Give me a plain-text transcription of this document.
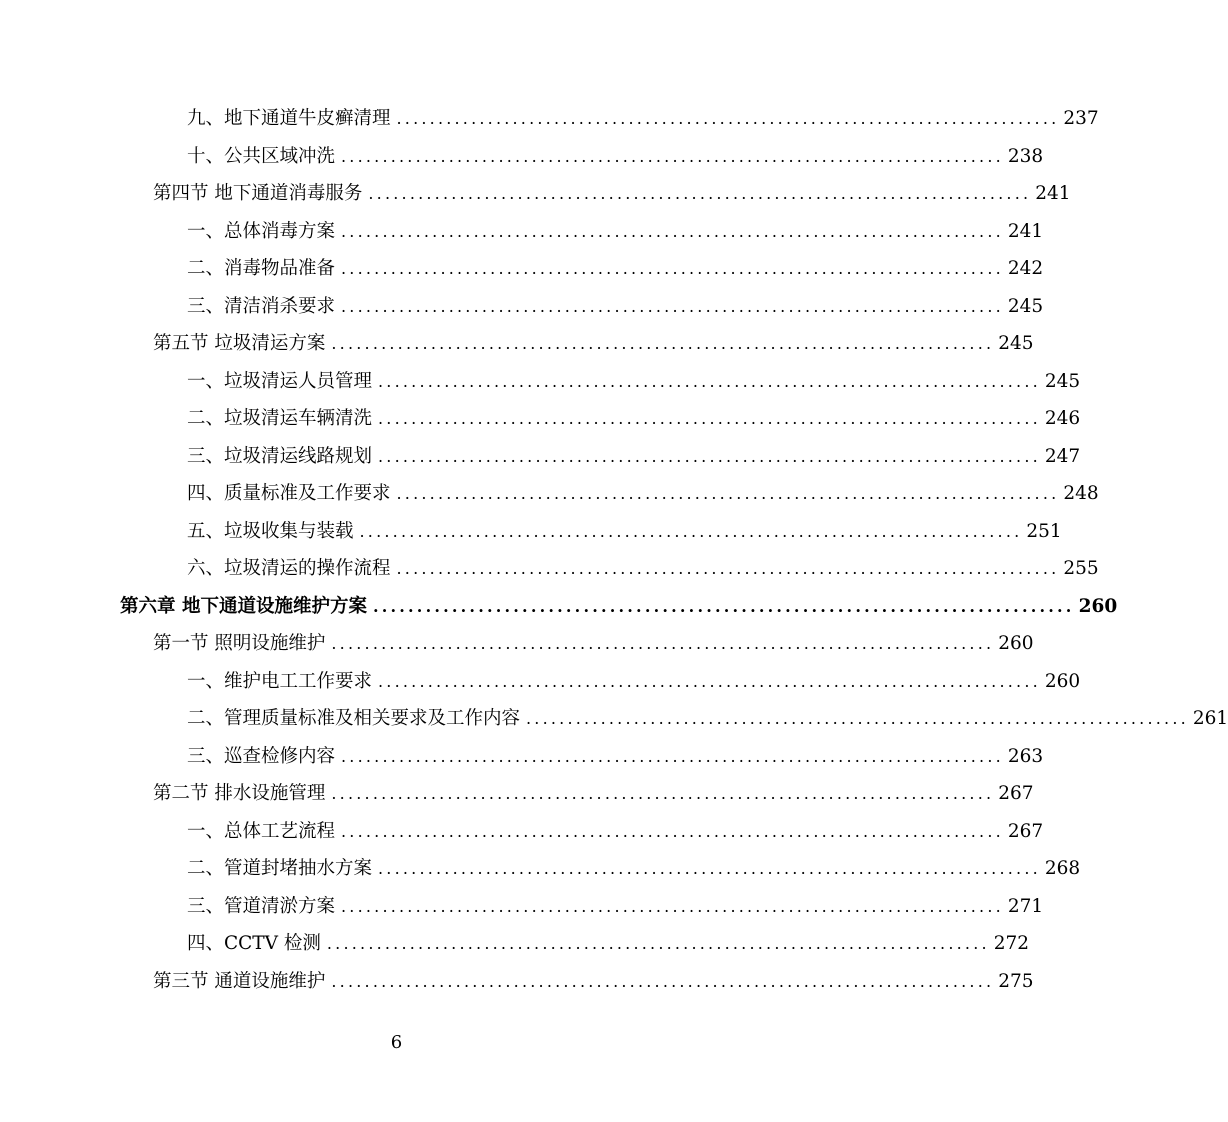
九、地下通道牛皮癣清理 ................................................................................ 237
十、公共区域冲洗 ................................................................................ 238
第四节 地下通道消毒服务 ................................................................................ 241
一、总体消毒方案 ................................................................................ 241
二、消毒物品准备 ................................................................................ 242
三、清洁消杀要求 ................................................................................ 245
第五节 垃圾清运方案 ................................................................................ 245
一、垃圾清运人员管理 ................................................................................ 245
二、垃圾清运车辆清洗 ................................................................................ 246
三、垃圾清运线路规划 ................................................................................ 247
四、质量标准及工作要求 ................................................................................ 248
五、垃圾收集与装载 ................................................................................ 251
六、垃圾清运的操作流程 ................................................................................ 255
第六章 地下通道设施维护方案 ................................................................................ 260
第一节 照明设施维护 ................................................................................ 260
一、维护电工工作要求 ................................................................................ 260
二、管理质量标准及相关要求及工作内容 ................................................................................ 261
三、巡查检修内容 ................................................................................ 263
第二节 排水设施管理 ................................................................................ 267
一、总体工艺流程 ................................................................................ 267
二、管道封堵抽水方案 ................................................................................ 268
三、管道清淤方案 ................................................................................ 271
四、CCTV 检测 ................................................................................ 272
第三节 通道设施维护 ................................................................................ 275
6
